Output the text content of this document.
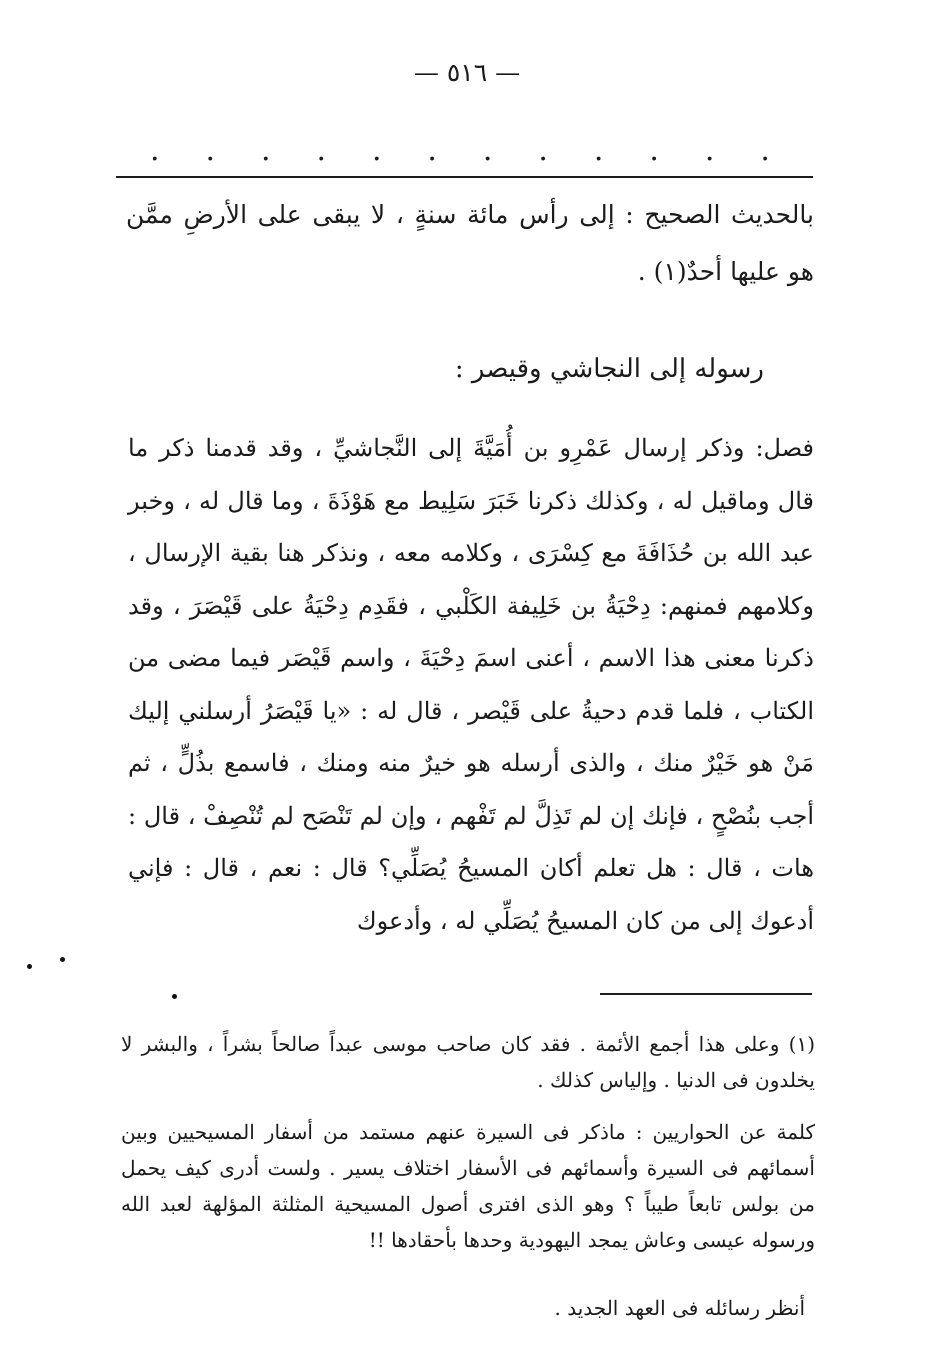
— ٥١٦ —
. . . . . . . . . . . .
بالحديث الصحيح : إلى رأس مائة سنةٍ ، لا يبقى على الأرضِ ممَّن هو عليها أحدٌ(١) .
رسوله إلى النجاشي وقيصر :

فصل: وذكر إرسال عَمْرِو بن أُمَيَّةَ إلى النَّجاشيِّ ، وقد قدمنا ذكر ما قال وماقيل له ، وكذلك ذكرنا خَبَرَ سَلِيط مع هَوْذَةَ ، وما قال له ، وخبر عبد الله بن حُذَافَةَ مع كِسْرَى ، وكلامه معه ، ونذكر هنا بقية الإرسال ، وكلامهم فمنهم: دِحْيَةُ بن خَلِيفة الكَلْبي ، فقَدِم دِحْيَةُ على قَيْصَرَ ، وقد ذكرنا معنى هذا الاسم ، أعنى اسمَ دِحْيَةَ ، واسم قَيْصَر فيما مضى من الكتاب ، فلما قدم دحيةُ على قَيْصر ، قال له : «يا قَيْصَرُ أرسلني إليك مَنْ هو خَيْرٌ منك ، والذى أرسله هو خيرٌ منه ومنك ، فاسمع بذُلٍّ ، ثم أجب بنُصْحٍ ، فإنك إن لم تَذِلَّ لم تَفْهم ، وإن لم تَنْصَح لم تُنْصِفْ ، قال : هات ، قال : هل تعلم أكان المسيحُ يُصَلِّي؟ قال : نعم ، قال : فإني أدعوك إلى من كان المسيحُ يُصَلِّي له ، وأدعوك

(١) وعلى هذا أجمع الأئمة . فقد كان صاحب موسى عبداً صالحاً بشراً ، والبشر لا يخلدون فى الدنيا . وإلياس كذلك .
كلمة عن الحواريين : ماذكر فى السيرة عنهم مستمد من أسفار المسيحيين وبين أسمائهم فى السيرة وأسمائهم فى الأسفار اختلاف يسير . ولست أدرى كيف يحمل من بولس تابعاً طيباً ؟ وهو الذى افترى أصول المسيحية المثلثة المؤلهة لعبد الله ورسوله عيسى وعاش يمجد اليهودية وحدها بأحقادها !!
أنظر رسائله فى العهد الجديد .
